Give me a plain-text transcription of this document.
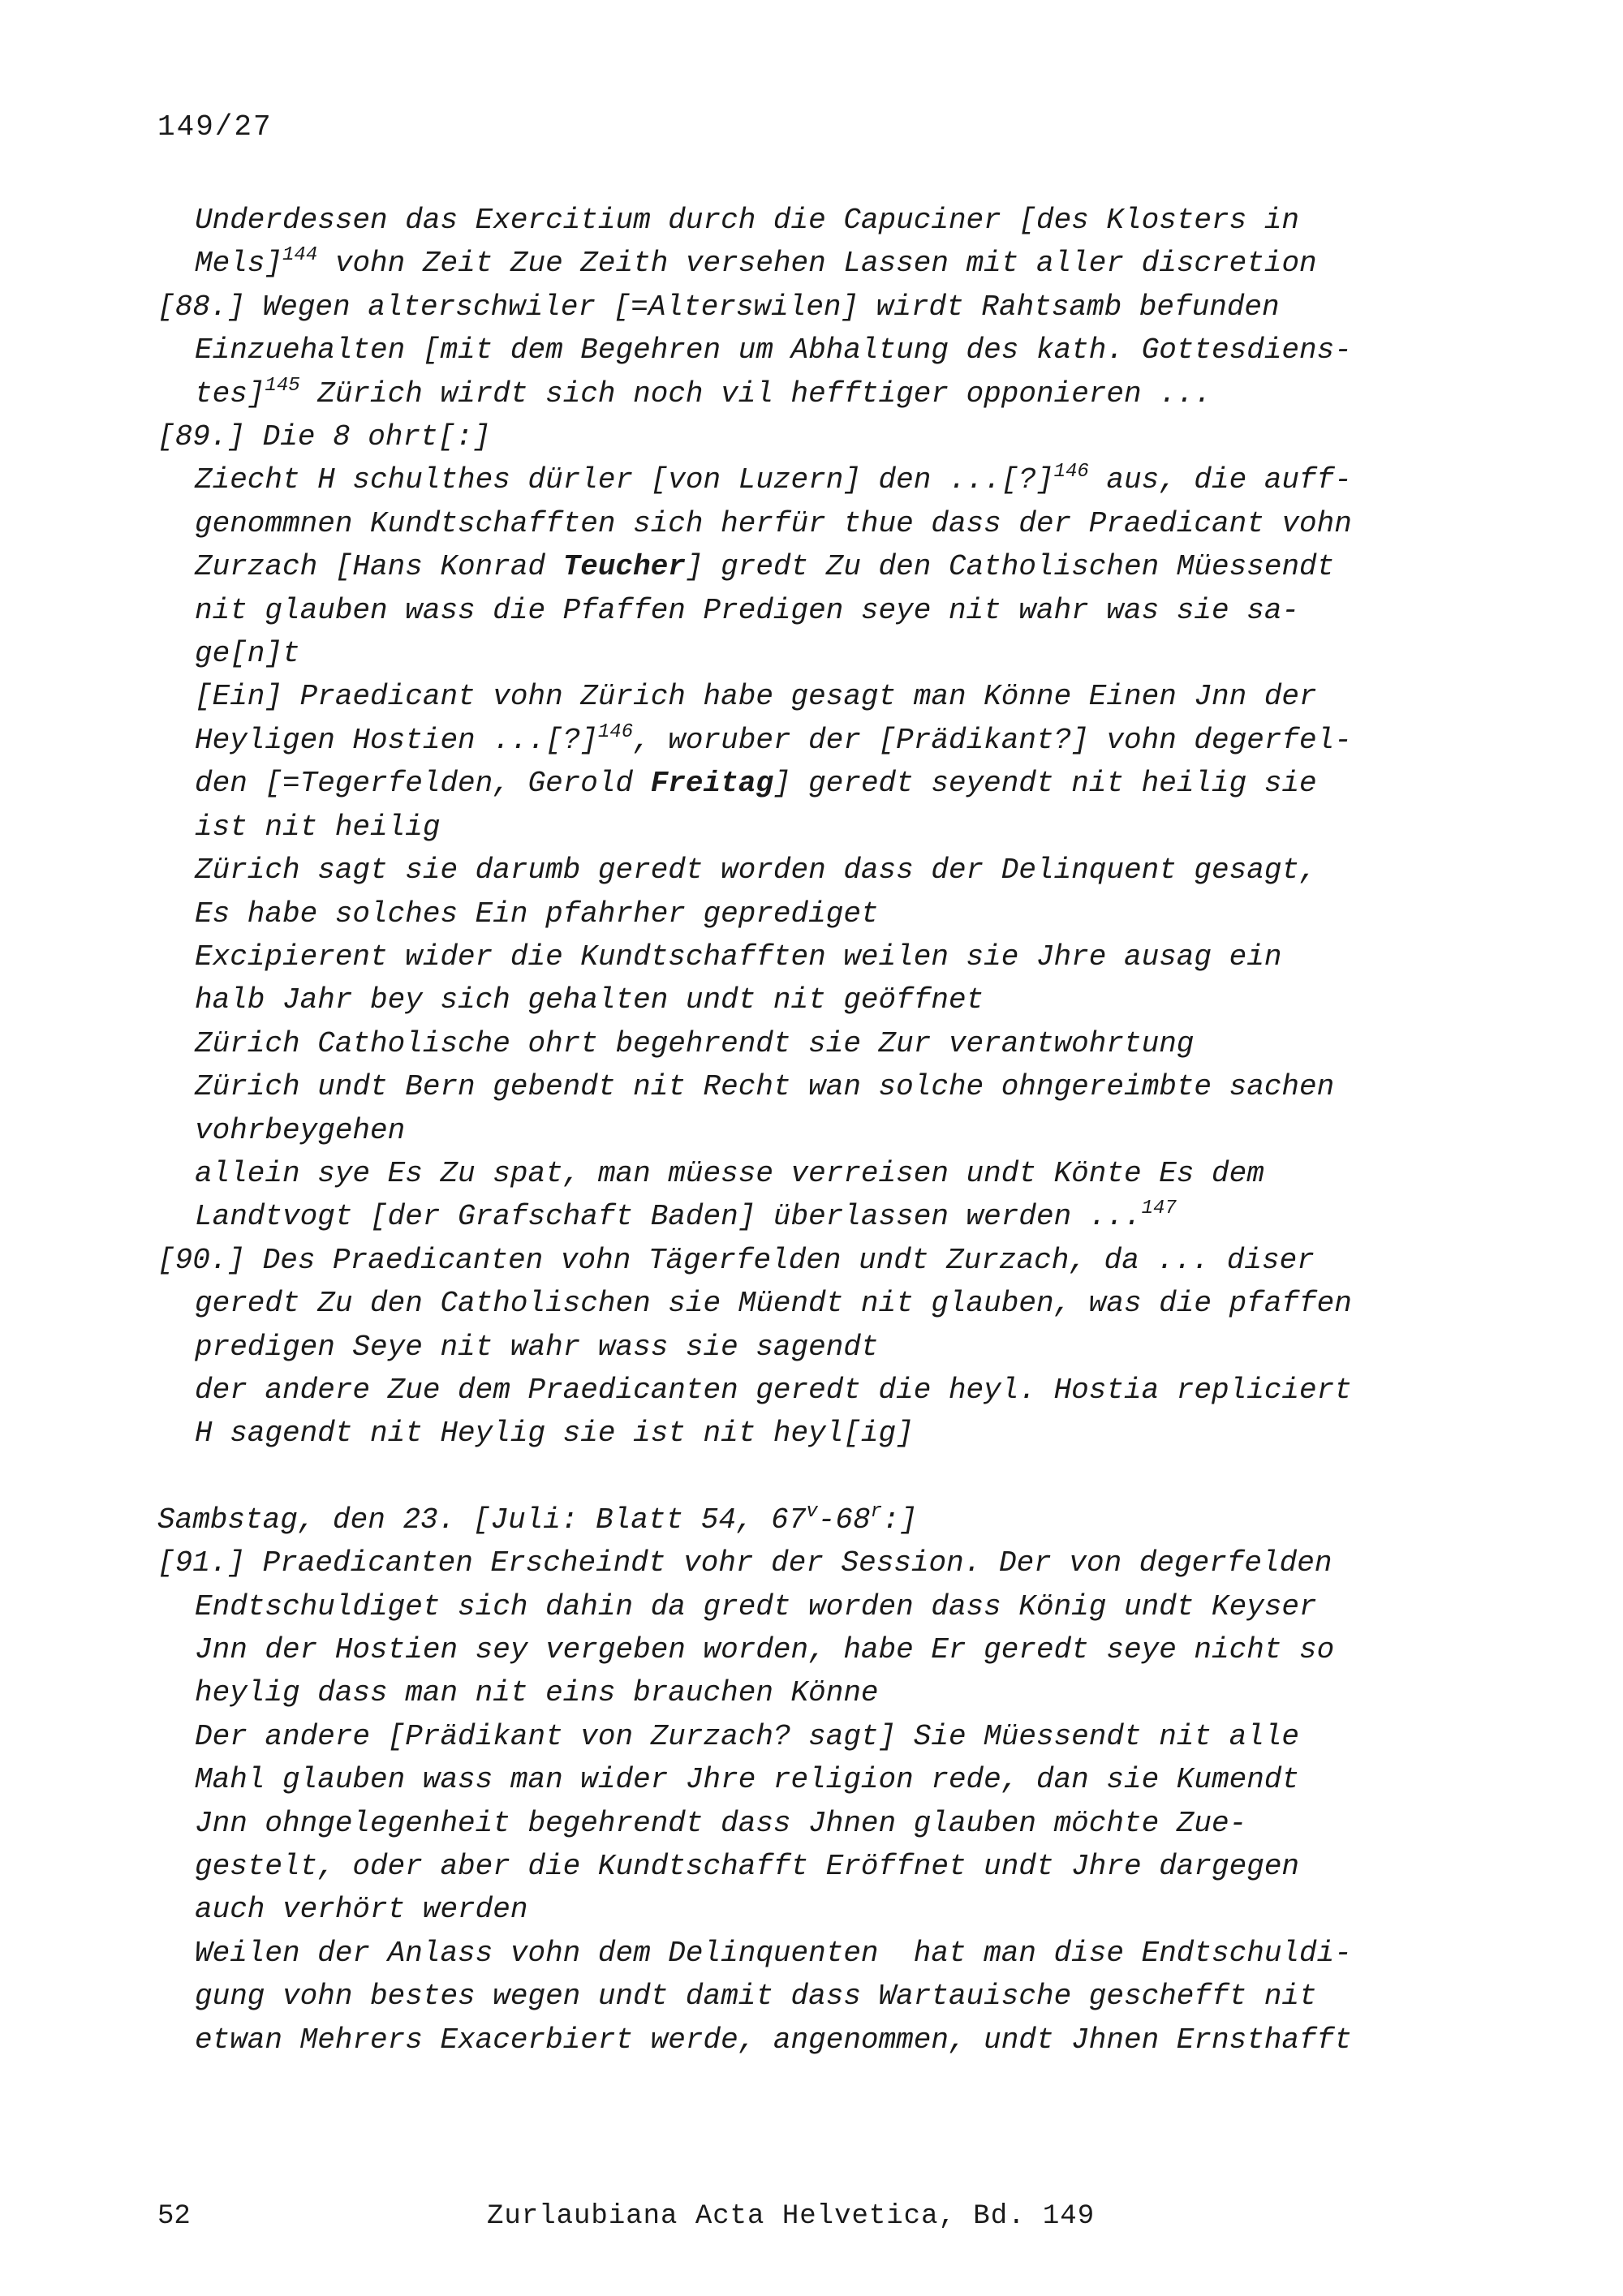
149/27
Underdessen das Exercitium durch die Capuciner [des Klosters in
Mels]$^{144}$ vohn Zeit Zue Zeith versehen Lassen mit aller discretion
[88.] Wegen alterschwiler [=Alterswilen] wirdt Rahtsamb befunden
Einzuehalten [mit dem Begehren um Abhaltung des kath. Gottesdiens-
tes]$^{145}$ Zürich wirdt sich noch vil hefftiger opponieren ...
[89.] Die 8 ohrt[:]
Ziecht H schulthes dürler [von Luzern] den ...[?]$^{146}$ aus, die auff-
genommnen Kundtschafften sich herfür thue dass der Praedicant vohn
Zurzach [Hans Konrad Teucher] gredt Zu den Catholischen Müessendt
nit glauben wass die Pfaffen Predigen seye nit wahr was sie sa-
ge[n]t
[Ein] Praedicant vohn Zürich habe gesagt man Könne Einen Jnn der
Heyligen Hostien ...[?]$^{146}$, woruber der [Prädikant?] vohn degerfel-
den [=Tegerfelden, Gerold Freitag] geredt seyendt nit heilig sie
ist nit heilig
Zürich sagt sie darumb geredt worden dass der Delinquent gesagt,
Es habe solches Ein pfahrher geprediget
Excipierent wider die Kundtschafften weilen sie Jhre ausag ein
halb Jahr bey sich gehalten undt nit geöffnet
Zürich Catholische ohrt begehrendt sie Zur verantwohrtung
Zürich undt Bern gebendt nit Recht wan solche ohngereimbte sachen
vohrbeygehen
allein sye Es Zu spat, man müesse verreisen undt Könte Es dem
Landtvogt [der Grafschaft Baden] überlassen werden ...$^{147}$
[90.] Des Praedicanten vohn Tägerfelden undt Zurzach, da ... diser
geredt Zu den Catholischen sie Müendt nit glauben, was die pfaffen
predigen Seye nit wahr wass sie sagendt
der andere Zue dem Praedicanten geredt die heyl. Hostia repliciert
H sagendt nit Heylig sie ist nit heyl[ig]
Sambstag, den 23. [Juli: Blatt 54, 67$^v$-68$^r$:]
[91.] Praedicanten Erscheindt vohr der Session. Der von degerfelden
Endtschuldiget sich dahin da gredt worden dass König undt Keyser
Jnn der Hostien sey vergeben worden, habe Er geredt seye nicht so
heylig dass man nit eins brauchen Könne
Der andere [Prädikant von Zurzach? sagt] Sie Müessendt nit alle
Mahl glauben wass man wider Jhre religion rede, dan sie Kumendt
Jnn ohngelegenheit begehrendt dass Jhnen glauben möchte Zue-
gestelt, oder aber die Kundtschafft Eröffnet undt Jhre dargegen
auch verhört werden
Weilen der Anlass vohn dem Delinquenten  hat man dise Endtschuldi-
gung vohn bestes wegen undt damit dass Wartauische geschefft nit
etwan Mehrers Exacerbiert werde, angenommen, undt Jhnen Ernsthafft
52	Zurlaubiana Acta Helvetica, Bd. 149
